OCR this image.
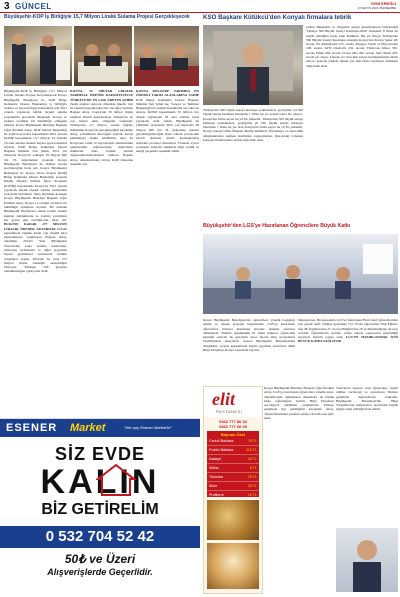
3 GÜNCEL	YENİ EREĞLİ
27 MAYIS 2021 PERŞEMBE
Büyükşehir-KOP İş Birliğiyle 15,7 Milyon Liralık Sulama Projesi Gerçekleşecek
Büyükşehir-KOP İş Birliğiyle 15,7 Milyon Liralık Sulama Projesi Gerçekleşecek Konya Büyükşehir Belediyesi ile KOP Bölge Kalkınma İdaresi Başkanlığı iş birliğiyle tarımın ve hayvancılığın kalkınması için 2021 yılında yapılacak küçük ölçekli sulama projelerinin protokolü imzalandı. Konya ve tarımın ayrılmaz bir bütünlüğü olduğunu belirten Konya Büyükşehir Belediye Başkanı Uğur İbrahim Altay, KOP İdaresi Başkanlığı ile yapılan protokol kapsamında 2021 yılında KOSİP kapsamında 15,7 milyon TL bedelle 16 adet sulama tesisini hayata geçireceklerini söyledi. KOP Bölge Kalkınma İdaresi Başkanı Mehmet Sait Şahin, 2021 yılı itibarıyla Konya'da yaklaşık 38 milyon 600 bin TL değerindeki projenin Konya Büyükşehir Belediyesi ile birlikte hayata geçirileceğini ifade etti. Konya Büyükşehir Belediyesi ile Konya Ovası Projesi (KOP) Bölge Kalkınma İdaresi Başkanlığı arasında Küçük Ölçekli Sulama İşleri Programı (KOSİP) kapsamında Konya'da 2021 yılında yapılacak küçük ölçekli sulama tesislerinin protokolü imzalandı. İmza töreninde konuşan Konya Büyükşehir Belediye Başkanı Uğur İbrahim Altay, Konya ve tarımın ayrılmaz bir bütünlüğü olduğunu söyledi. Bu nedenle Büyükşehir Belediyesi olarak tarıma önemli katkılar sunduklarını ve yapılan yatırımları her geçen gün artırdıklarını ifade etti. BUGÜNE KADAR 277 MİLYON LİRALIK ÖDENEK AKTARILDI KOSİP kapsamında bugüne kadar çok önemli işler başardıklarını vurgulayan Başkan Altay, 'Özellikle 2014'te Yeni Büyükşehir Yasası'ndan sonra sulama tesislerinin, içmesuyu tesislerinin ve diğer projelerin hayata geçirilmesi noktasında birlikte çalışmalar yaptık. 2014'ten bu yana 277 milyon liralık ödeneğin aktarıldığını biliyoruz. Yaklaşık 330 projenin tamamlandığını görüyoruz' dedi.
KONYA, 33 MİLYAR LİRALIK TARIMSAL ÜRETİM KAPASİTESİYLE TÜRKİYE'DE EN ÇOK ÜRETEN ŞEHİR Tarım alanları gelecek dönemde ülkeler için en önemli kaynaklardan biri olacağını belirten Başkan Altay, Konya'nın 33 milyar liralık tarımsal üretim kapasitesiyle Türkiye'de en çok üreten şehir olduğunu vurguladı. Türkiye'nin 2,5 milyon tonluk buğday üretiminin Konya'da gerçekleştiğini kaydeden Altay, yatırımların süreceğini söyledi. Kırsal kalkınmaya ilişkin sürdürülen işler ile Konya'nın tarım ve hayvancılık alanlarındaki gelişmesinin sağlanacağını, üreticilerin ürünlerini daha verimli şekilde değerlendirebileceklerini belirten Başkan Altay, desteklerinden dolayı KOP İdaresine teşekkür etti.
KONYA BÖLGEDE TARIMDA EN ÖNEMLİ TARIM ALANLARINA SAHİP KOP Bölge Kalkınma İdaresi Başkanı Mehmet Sait Şahin ise, 'Seneye ve Temmuz Başkanlığı'nın önemli desteklerini arz eden bu süreçte KOSİP kapsamında 33 milyon lira destek sağlanarak 18 adet sulama tesisi yapılacak' dedi. Şahin, Büyükşehir ile yürütülen projelerde 2021 yılı itibarıyla 38 milyon 600 bin TL değerinde yatırım gerçekleştirileceğini ifade ederek protokolün hayırlı olmasını diledi. Konuşmaların ardından protokol imzalandı. Törende ayrıca projelerin detayları hakkında bilgi verildi ve emeği geçenlere teşekkür edildi.
KSO Başkanı Kütükcü'den Konyalı firmalara tebrik
Türkiye'nin 500 büyük sanayi kuruluşu açıklanırken, geçtiğimiz yıl 500 büyük sanayi kuruluşu listesinde 7 firma bir yıl aradan sonra 8'e çıkıyor. Konya'nın firma sayısı bu yıl 8'e yükseldi. Türkiye'nin 500 büyük sanayi kuruluşu açıklanırken, geçtiğimiz yıl 500 büyük sanayi kuruluşu listesinde 7 firma ile yer alan Konya'nın firma sayısı bu yıl 8'e yükseldi. Konya Sanayi Odası Başkanı Memiş Kütükcü, 'Pandemiye ve ekonomik dalgalanmalara rağmen üretimden vazgeçmeyen, ihracattaki ivmesini koruyan firmalarımızı tebrik ediyorum' dedi.
yılının ülkemizin ve bölgemiz sanayi kuruluşlarının belirlendiği 'Türkiye 500 Büyük Sanayi Kuruluşu-2020' listesinde 8 firma ile temsil edildiğini ifade eden Kütükcü, 'Bu yıl listeye Türkiye'nin 500 Büyük Sanayi Kuruluşu arasında Konya'dan Konya Şeker 48. sırada, Eti Alüminyum 155. sırada, Panagro Tarım ve Hayvancılık 160. sırada, AYD Otomotiv 232. sırada, Türkoven Motor 381. sırada, Emka 404. sırada, Cıvata Olla 465. sırada, Safa Tarım 476. sırada yer alıyor. Listede yer alan tüm sanayi kuruluşlarımızı tebrik ediyor, gelecek yıllarda listede yer alan firma sayımızın artmasını diliyorum' dedi.
Büyükşehir'den LGS'ye Hazırlanan Öğrencilere Büyük Katkı
Konya Büyükşehir Belediyesi'nin öğrencilere yönelik başlattığı eğitim ve destek projeleri kapsamında, LGS'ye hazırlanan öğrencilere internet üzerinden ücretsiz deneme sınavları düzenlendi. Türkiye genelindeki 81 ilden binlerce öğrencinin katıldığı sınavlar ile gençlerin sınav öncesi bilgi seviyelerini ölçebilmeleri amaçlandı. Konya Büyükşehir Belediyesi'nin 'KüçükKız' projesi kapsamında hayata geçirilen sınavların tümü Bilgi Yarışması Konya Lisesi'nde yapıldı.
bulunuyoruz. Bu kapsamda LGS'ye hazırlanan 8'inci sınıf öğrencilerimiz için yaptık' dedi. Türkiye genelinde 7'ye 70 bin öğrenciden Türk Eğitim-Sen 28, İngilizce'den 27, Sosyal Bilgiler'den 26 ve Matematik'ten 20 soru soruldu. Öğrencilerin soruları çözüp anında sonuçlarını görebildiği sınavlara katılım yoğun oldu. LGS'YE HAZIRLANMAK İÇİN BÜYÜK KATKI SAĞLIYOR
Konya Büyükşehir Belediye Başkanı Uğur İbrahim Altay, LGS'ye hazırlanan öğrencilere yönelik sınav dönemlerinde düzenlenen denemeler ile büyük katkı sağlandığını belirtti. Bilgi Yarışması aracılığıyla yürütülen çalışmaların Türkiye genelinde ilgi gördüğünü kaydeden Altay, 'Öğrencilerimizin yanında olmaya devam edeceğiz' dedi.
Sınavlarda başarılı olan öğrencilere çeşitli ödüller verileceği ve sonuçların Türkiye genelinde duyurulacağı açıklandı. Büyükşehir Belediyesi'nin Bilgi Yarışması'nın katılımcılar tarafından büyük ilgiyle takip edildiği ifade edildi.
ESENER Market	"Her şey Esener Market'te"
SİZ EVDE
KALIN
BİZ GETİRELİM
0 532 704 52 42
50₺ ve Üzeri
Alışverişlerde Geçerlidir.
elit
PASTANESİ
0332 777 80 34
0532 777 66 25
Bayram Özel
Cevizli Baklava	70 TL
Fıstıklı Baklava	110 TL
Kadayıf	40 TL
Sütlaç	8 TL
Tulumba	25 TL
Ekler	30 TL
Profiterol	10 TL
